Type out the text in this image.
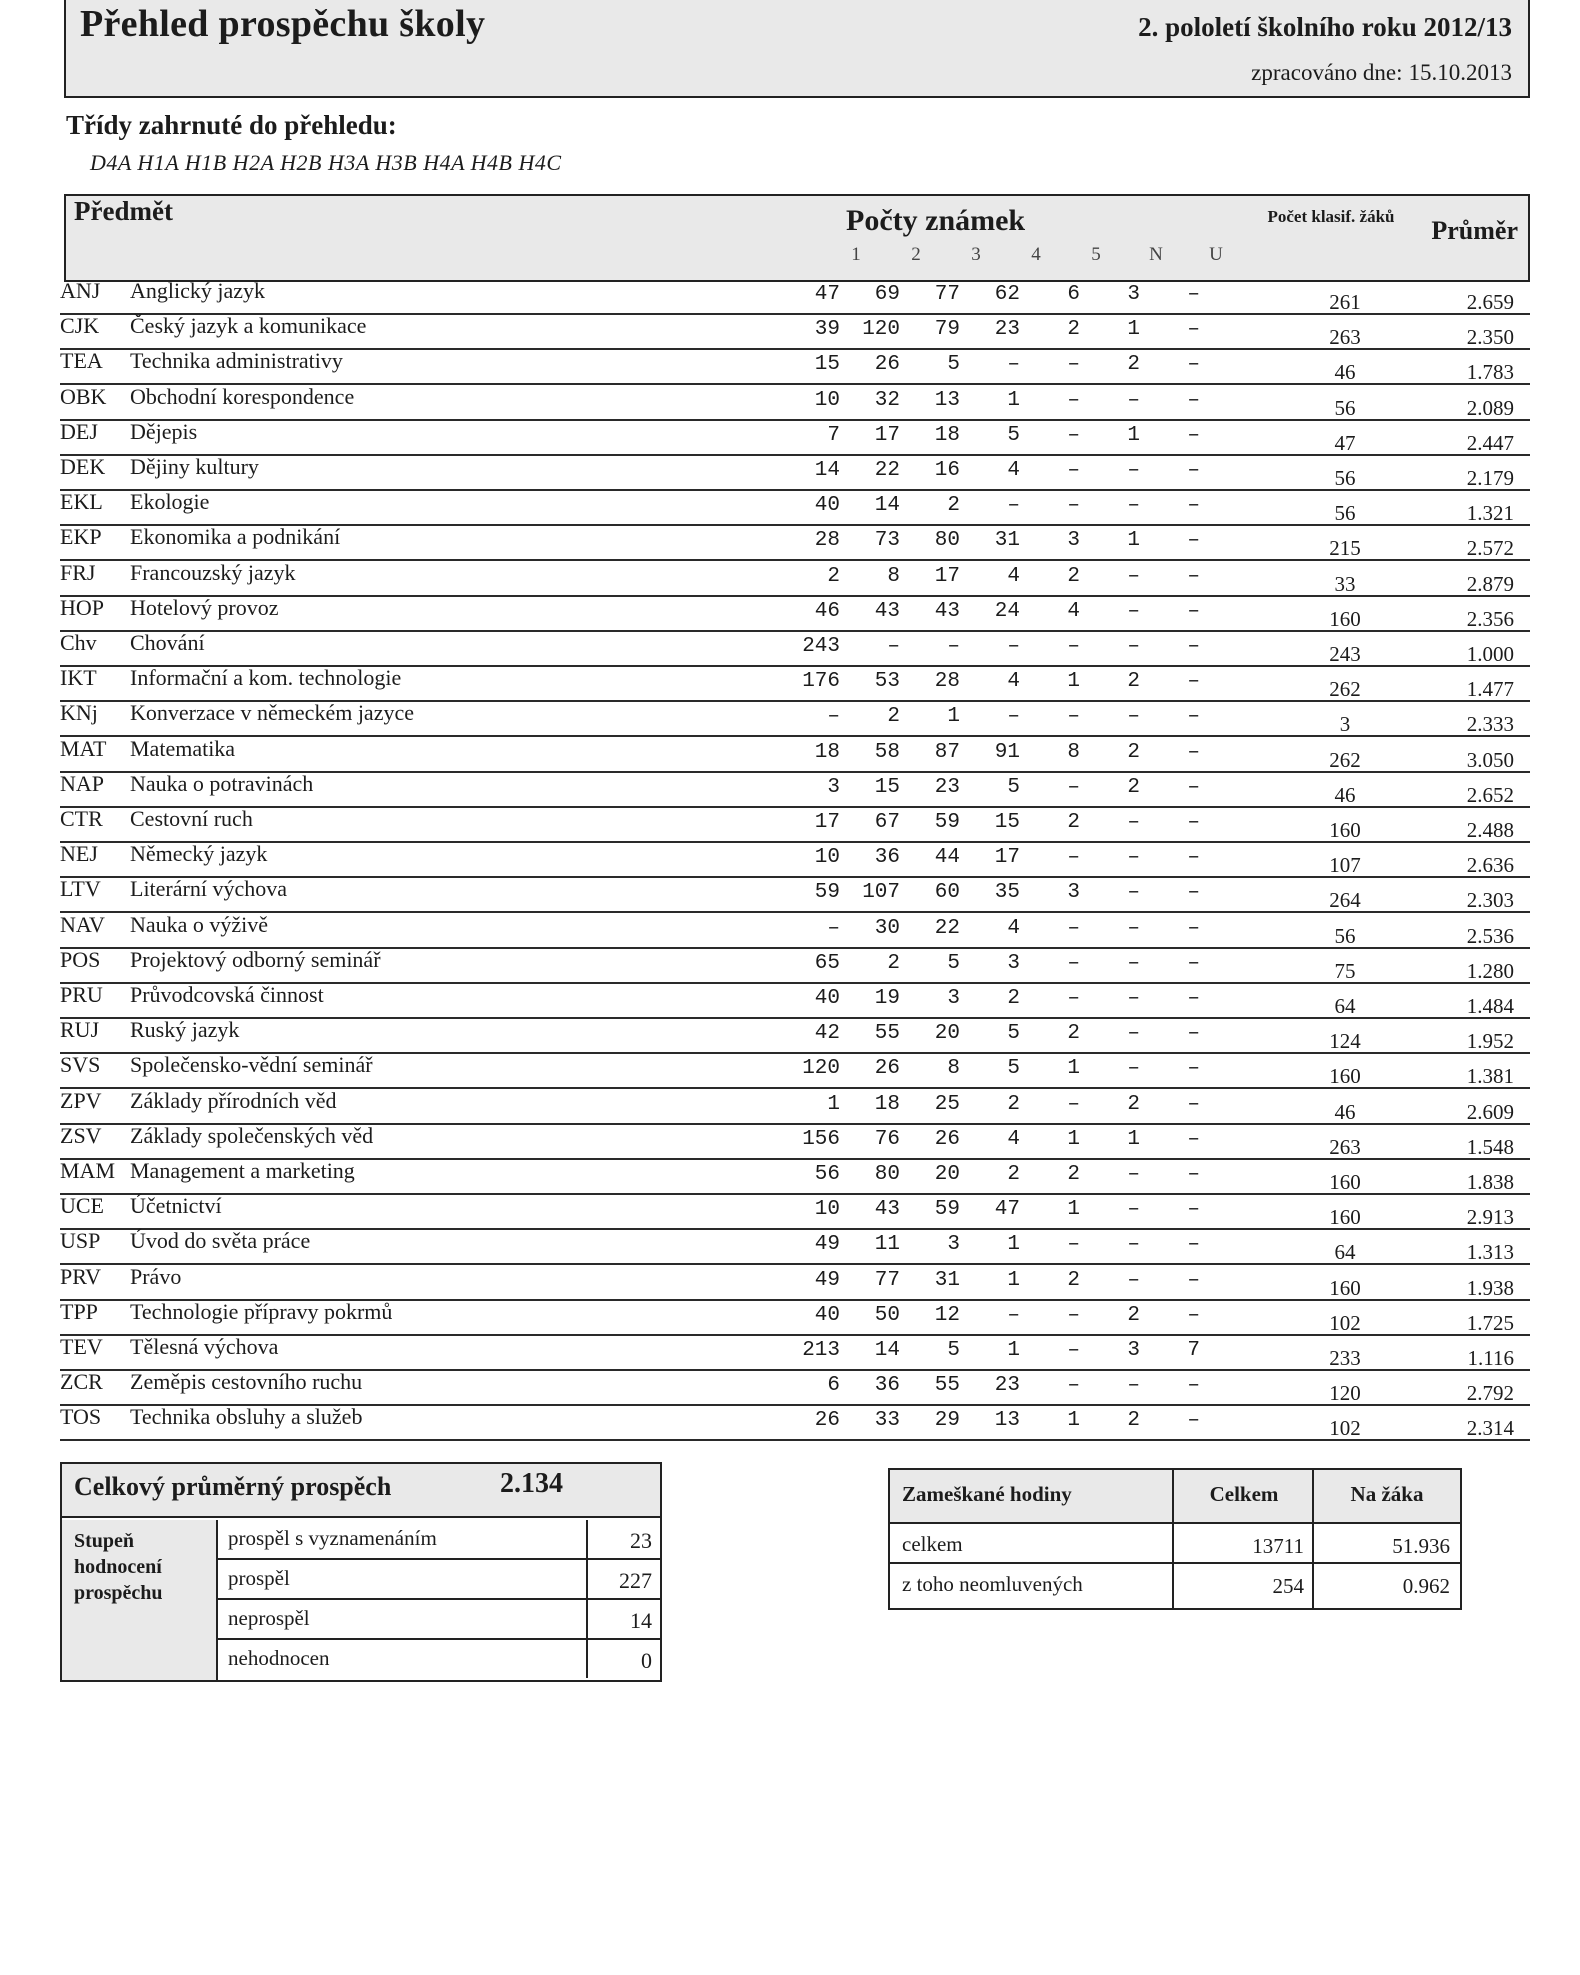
Přehled prospěchu školy	2. pololetí školního roku 2012/13
zpracováno dne: 15.10.2013
Třídy zahrnuté do přehledu:
D4A H1A H1B H2A H2B H3A H3B H4A H4B H4C
Předmět	Počty známek
1	2	3	4	5	N	U
Počet klasif. žáků	Průměr
ANJ Anglický jazyk	47	69	77	62	6	3	–	261	2.659
CJK Český jazyk a komunikace	39	120	79	23	2	1	–	263	2.350
TEA Technika administrativy	15	26	5	–	–	2	–	46	1.783
OBK Obchodní korespondence	10	32	13	1	–	–	–	56	2.089
DEJ Dějepis	7	17	18	5	–	1	–	47	2.447
DEK Dějiny kultury	14	22	16	4	–	–	–	56	2.179
EKL Ekologie	40	14	2	–	–	–	–	56	1.321
EKP Ekonomika a podnikání	28	73	80	31	3	1	–	215	2.572
FRJ Francouzský jazyk	2	8	17	4	2	–	–	33	2.879
HOP Hotelový provoz	46	43	43	24	4	–	–	160	2.356
Chv Chování	243	–	–	–	–	–	–	243	1.000
IKT Informační a kom. technologie	176	53	28	4	1	2	–	262	1.477
KNj Konverzace v německém jazyce	–	2	1	–	–	–	–	3	2.333
MAT Matematika	18	58	87	91	8	2	–	262	3.050
NAP Nauka o potravinách	3	15	23	5	–	2	–	46	2.652
CTR Cestovní ruch	17	67	59	15	2	–	–	160	2.488
NEJ Německý jazyk	10	36	44	17	–	–	–	107	2.636
LTV Literární výchova	59	107	60	35	3	–	–	264	2.303
NAV Nauka o výživě	–	30	22	4	–	–	–	56	2.536
POS Projektový odborný seminář	65	2	5	3	–	–	–	75	1.280
PRU Průvodcovská činnost	40	19	3	2	–	–	–	64	1.484
RUJ Ruský jazyk	42	55	20	5	2	–	–	124	1.952
SVS Společensko-vědní seminář	120	26	8	5	1	–	–	160	1.381
ZPV Základy přírodních věd	1	18	25	2	–	2	–	46	2.609
ZSV Základy společenských věd	156	76	26	4	1	1	–	263	1.548
MAM Management a marketing	56	80	20	2	2	–	–	160	1.838
UCE Účetnictví	10	43	59	47	1	–	–	160	2.913
USP Úvod do světa práce	49	11	3	1	–	–	–	64	1.313
PRV Právo	49	77	31	1	2	–	–	160	1.938
TPP Technologie přípravy pokrmů	40	50	12	–	–	2	–	102	1.725
TEV Tělesná výchova	213	14	5	1	–	3	7	233	1.116
ZCR Zeměpis cestovního ruchu	6	36	55	23	–	–	–	120	2.792
TOS Technika obsluhy a služeb	26	33	29	13	1	2	–	102	2.314
Celkový průměrný prospěch	2.134
Stupeň hodnocení prospěchu
prospěl s vyznamenáním	23
prospěl	227
neprospěl	14
nehodnocen	0
Zameškané hodiny	Celkem	Na žáka
celkem	13711	51.936
z toho neomluvených	254	0.962
